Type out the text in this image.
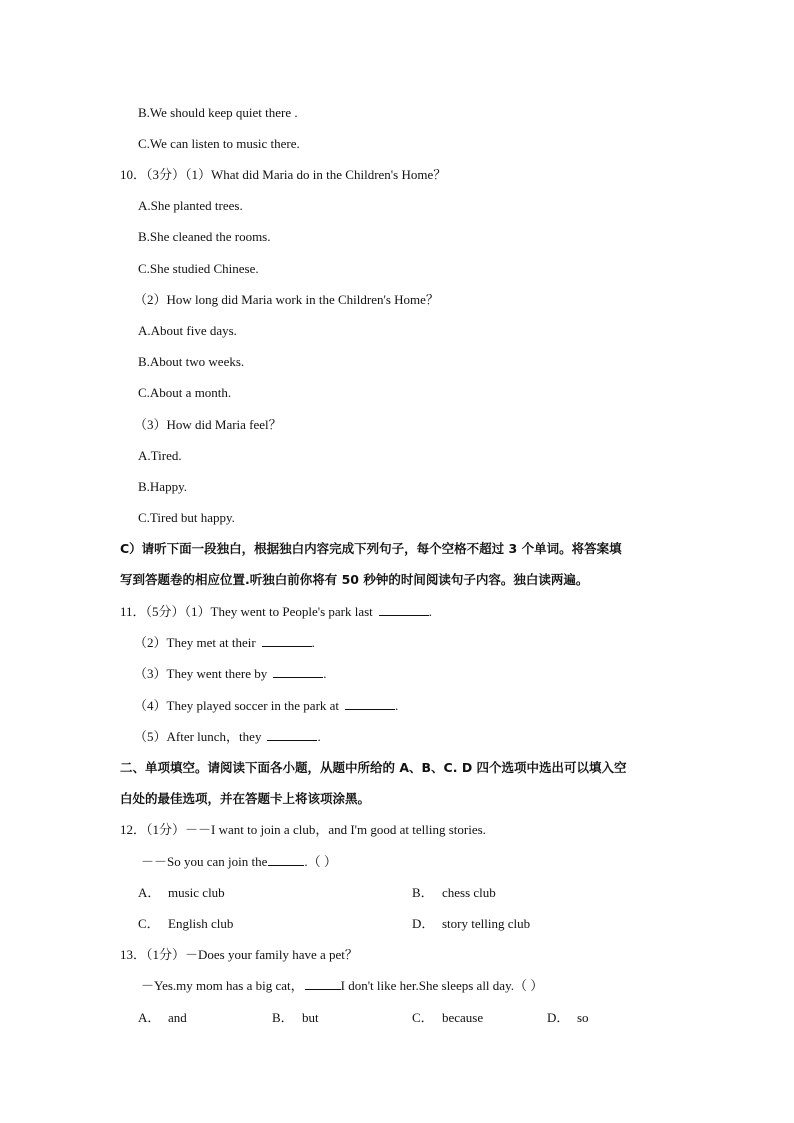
B.We should keep quiet there .
C.We can listen to music there.
10．（3分）（1）What did Maria do in the Children's Home？
A.She planted trees.
B.She cleaned the rooms.
C.She studied Chinese.
（2）How long did Maria work in the Children's Home？
A.About five days.
B.About two weeks.
C.About a month.
（3）How did Maria feel？
A.Tired.
B.Happy.
C.Tired but happy.
C）请听下面一段独白，根据独白内容完成下列句子，每个空格不超过 3 个单词。将答案填
写到答题卷的相应位置.听独白前你将有 50 秒钟的时间阅读句子内容。独白读两遍。
11．（5分）（1）They went to People's park last	.
（2）They met at their	.
（3）They went there by	.
（4）They played soccer in the park at	.
（5）After lunch，they	.
二、单项填空。请阅读下面各小题，从题中所给的 A、B、C. D 四个选项中选出可以填入空
白处的最佳选项，并在答题卡上将该项涂黑。
12．（1分）－－I want to join a club，and I'm good at telling stories.
－－So you can join the	.（ ）
A． music club	B． chess club
C． English club	D． story telling club
13．（1分）－Does your family have a pet？
－Yes.my mom has a big cat，	I don't like her.She sleeps all day.（ ）
A． and	B． but	C． because	D． so
